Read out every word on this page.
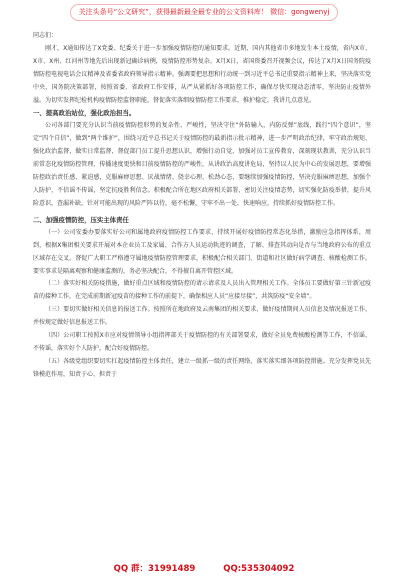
关注头条号“公文研究”，获得最新最全最专业的公文资料库！ 微信：gongwenyj

同志们：

刚才，X通知传达了X党委、纪委关于进一步加强疫情防控的通知要求。近期，国内其他省市多地发生本土疫情，省内X市、X市、X州、红河州等地先后出现新冠确诊病例，疫情防控形势复杂。X月X日，省国资委召开视频会议，传达了X月X日国务院疫情防控电视电话会议精神及省委省政府领导指示精神。强调要把思想和行动统一到习近平总书记重要指示精神上来，坚决落实党中央、国务院决策部署，按照省委、省政府工作安排，从严从紧抓好各项防控工作，确保尽快实现动态清零，坚决防止疫情外溢。为切实发挥纪检机构疫情防控监督职能，督促落实落细疫情防控工作要求，推护稳定，我讲几点意见。

一、提高政治站位，强化政治担当。

公司各部门要充分认识当前疫情防控形势的复杂性、严峻性，坚决守住“外防输入，内防反弹”底线，践行“四个意识”，坚定“四个自信”，做到“两个维护”，围绕习近平总书记关于疫情防控的最新指示批示精神，进一步严明政治纪律，牢守政治规矩、强化政治监督，做实日常监督，督促部门员工提升思想认识，增强行动自觉，加强对员工宣传教育，深刻现状教训，充分认识当前常态化疫情防控管理、传播速度更快和目前疫情防控的严峻性，从讲政治高度讲危局，坚持以人民为中心的发展思想，要增强防控政治责任感、紧迫感，克服麻痹思想、厌战情绪、侥幸心理、松劲心态，要继续加强疫情防控，坚决克服麻痹思想，加强个人防护，不信谣不传谣，坚定抗疫胜利信念。积极配合所在地区政府相关部署，密切关注疫情态势，切实强化防疫举措，提升风险意识，查漏补缺，针对可能出现的风险严阵以待，毫不松懈，守牢不出一处，快速响应，持续抓好疫情防控工作。

二、加强疫情防控，压实主体责任

（一）公司安委办要落实好公司和属地政府疫情防控工作要求、持续开展好疫情防控常态化举措，激励应急指挥体系，周到，根据X集团相关要求开展对本企业员工及家属、合作方人员运动轨迹的调查，了解、排查其动向是否与当地政府公布的重点区域存在交叉。督促广大职工严格遵守属地疫情防控管理要求，积极配合相关部门、街道和社区做好病学调查、核酸检测工作，要实事求是隔离观察和健康监测的，务必坚决配合，不得擅自离开管控区域。

（二）落实好相关防疫措施，做好重点区域和疫情防控的请示请求及人员出入管理相关工作。全体员工要做好第三针新冠疫苗的接种工作，在完成前期新冠疫苗的接种工作的前提下，确保相应人员“应接尽接”，共筑防疫“安全墙”。

（三）要切实做好相关信息的报送工作。按照所在地政府及云南集团的相关要求，做好疫情期间人员信息及情况报送工作，并按规定做好信息报送工作。

（四）公司职工按照X市应对疫情领导小组指挥部关于疫情防控的有关部署要求，做好全员免费核酸检测等工作，不信谣、不传谣，落实好个人防护，配合好疫情防控。

（五）各级党组织要切实扛起疫情防控主体责任，建立一级抓一级的责任网络，落实落实细各项防控措施。充分发挥党员先锋模范作用，知责于心、担责于

QQ 群：31991489	QQ:535304092
